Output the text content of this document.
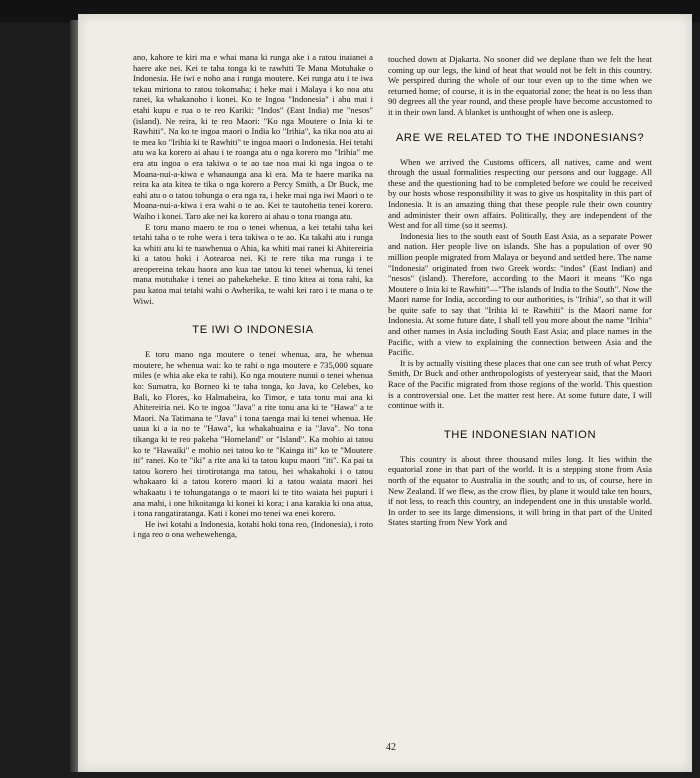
ano, kahore te kiri ma e whai mana ki runga ake i a ratou inaianei a haere ake nei. Kei te taha tonga ki te rawhiti Te Mana Motuhake o Indonesia. He iwi e noho ana i runga moutere. Kei runga atu i te iwa tekau miriona to ratou tokomaha; i heke mai i Malaya i ko noa atu ranei, ka whakanoho i konei. Ko te Ingoa "Indonesia" i ahu mai i etahi kupu e rua o te reo Kariki: "Indos" (East India) me "nesos" (island). Ne reira, ki te reo Maori: "Ko nga Moutere o Inia ki te Rawhiti". Na ko te ingoa maori o India ko "Irihia", ka tika noa atu ai te mea ko "Irihia ki te Rawhiti" te ingoa maori o Indonesia. Hei tetahi atu wa ka korero ai ahau i te roanga atu o nga korero mo "Irihia" me era atu ingoa o era takiwa o te ao tae noa mai ki nga ingoa o te Moana-nui-a-kiwa e whanaunga ana ki era. Ma te haere marika na reira ka ata kitea te tika o nga korero a Percy Smith, a Dr Buck, me eahi atu o o tatou tohunga o era nga ra, i heke mai nga iwi Maori o te Moana-nui-a-kiwa i era wahi o te ao. Kei te tautohetia tenei korero. Waiho i konei. Taro ake nei ka korero ai ahau o tona roanga atu.

E toru mano maero te roa o tenei whenua, a kei tetahi taha kei tetahi taha o te rohe wera i tera takiwa o te ao. Ka takahi atu i runga ka whiti atu ki te tuawhenua o Ahia, ka whiti mai ranei ki Ahitereiria ki a tatou hoki i Aotearoa nei. Ki te rere tika ma runga i te areopereina tekau haora ano kua tae tatou ki tenei whenua, ki tenei mana motuhake i tenei ao pahekeheke. E tino kitea ai tona rahi, ka pau katoa mai tetahi wahi o Awherika, te wahi kei raro i te mana o te Wiwi.

TE IWI O INDONESIA

E toru mano nga moutere o tenei whenua, ara, he whenua moutere, he whenua wai: ko te rahi o nga moutere e 735,000 square miles (e whia ake eka te rahi). Ko nga moutere nunui o tenei whenua ko: Sumatra, ko Borneo ki te taha tonga, ko Java, ko Celebes, ko Bali, ko Flores, ko Halmaheira, ko Timor, e tata tonu mai ana ki Ahitereiria nei. Ko te ingoa "Java" a rite tonu ana ki te "Hawa" a te Maori. Na Tatimana te "Java" i tona taenga mai ki tenei whenua. He uaua ki a ia no te "Hawa", ka whakahuaina e ia "Java". No tona tikanga ki te reo pakeha "Homeland" or "Island". Ka mohio ai tatou ko te "Hawaiki" e mohio nei tatou ko te "Kainga iti" ko te "Moutere iti" ranei. Ko te "iki" a rite ana ki ta tatou kupu maori "iti". Ka pai ta tatou korero hei tirotirotanga ma tatou, hei whakahoki i o tatou whakaaro ki a tatou korero maori ki a tatou waiata maori hei whakaatu i te tohungatanga o te maori ki te tito waiata hei pupuri i ana mahi, i one hikoitanga ki konei ki kora; i ana karakia ki ona atua, i tona rangatiratanga. Kati i konei mo tenei wa enei korero.

He iwi kotahi a Indonesia, kotahi hoki tona reo, (Indonesia), i roto i nga reo o ona wehewehenga,

touched down at Djakarta. No sooner did we deplane than we felt the heat coming up our legs, the kind of heat that would not be felt in this country. We perspired during the whole of our tour even up to the time when we returned home; of course, it is in the equatorial zone; the heat is no less than 90 degrees all the year round, and these people have become accustomed to it in their own land. A blanket is unthought of when one is asleep.

ARE WE RELATED TO THE INDONESIANS?

When we arrived the Customs officers, all natives, came and went through the usual formalities respecting our persons and our luggage. All these and the questioning had to be completed before we could be received by our hosts whose responsibility it was to give us hospitality in this part of Indonesia. It is an amazing thing that these people rule their own country and administer their own affairs. Politically, they are independent of the West and for all time (so it seems).

Indonesia lies to the south east of South East Asia, as a separate Power and nation. Her people live on islands. She has a population of over 90 million people migrated from Malaya or beyond and settled here. The name "Indonesia" originated from two Greek words: "indos" (East Indian) and "nesos" (island). Therefore, according to the Maori it means "Ko nga Moutere o Inia ki te Rawhiti"—"The islands of India to the South". Now the Maori name for India, according to our authorities, is "Irihia", so that it will be quite safe to say that "Irihia ki te Rawhiti" is the Maori name for Indonesia. At some future date, I shall tell you more about the name "Irihia" and other names in Asia including South East Asia; and place names in the Pacific, with a view to explaining the connection between Asia and the Pacific.

It is by actually visiting these places that one can see truth of what Percy Smith, Dr Buck and other anthropologists of yesteryear said, that the Maori Race of the Pacific migrated from those regions of the world. This question is a controversial one. Let the matter rest here. At some future date, I will continue with it.

THE INDONESIAN NATION

This country is about three thousand miles long. It lies within the equatorial zone in that part of the world. It is a stepping stone from Asia north of the equator to Australia in the south; and to us, of course, here in New Zealand. If we flew, as the crow flies, by plane it would take ten hours, if not less, to reach this country, an independent one in this unstable world. In order to see its large dimensions, it will bring in that part of the United States starting from New York and

42
